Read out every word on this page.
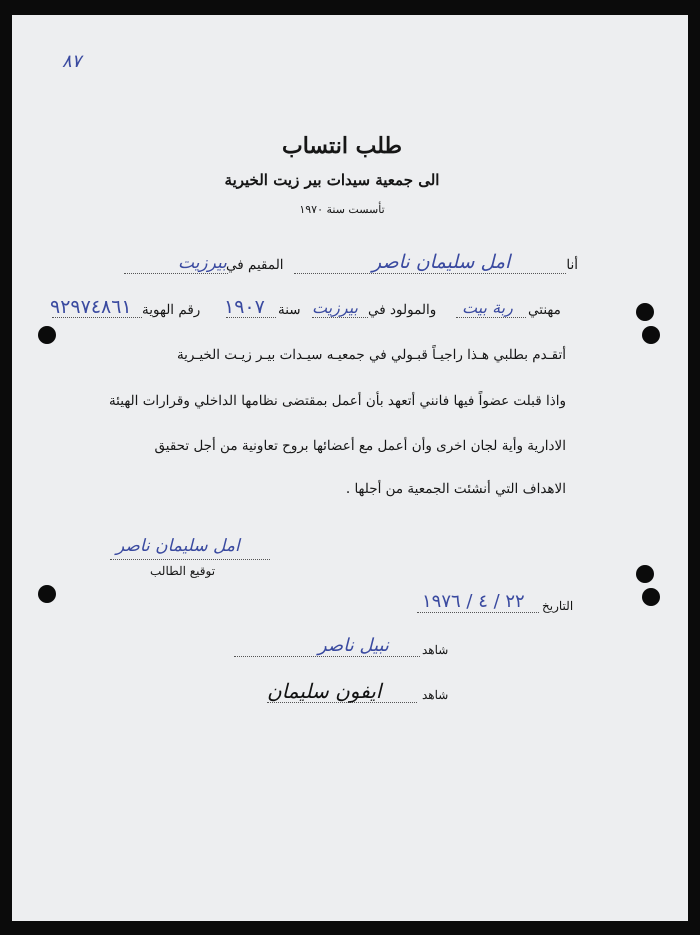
٨٧
طلب انتساب
الى جمعية سيدات بير زيت الخيرية
تأسست سنة ١٩٧٠
أنا
امل سليمان ناصر
المقيم في
بيرزيت
مهنتي
ربة بيت
والمولود في
بيرزيت
سنة
١٩٠٧
رقم الهوية
٩٢٩٧٤٨٦١
أتقـدم بطلبي هـذا راجيـاً قبـولي في جمعيـه سيـدات بيـر زيـت الخيـرية
واذا قبلت عضواً فيها فانني أتعهد بأن أعمل بمقتضى نظامها الداخلي وقرارات الهيئة
الادارية وأية لجان اخرى وأن أعمل مع أعضائها بروح تعاونية من أجل تحقيق
الاهداف التي أنشئت الجمعية من أجلها .
امل سليمان ناصر
توقيع الطالب
التاريخ
٢٢ / ٤ / ١٩٧٦
شاهد
نبيل ناصر
شاهد
ايفون سليمان
